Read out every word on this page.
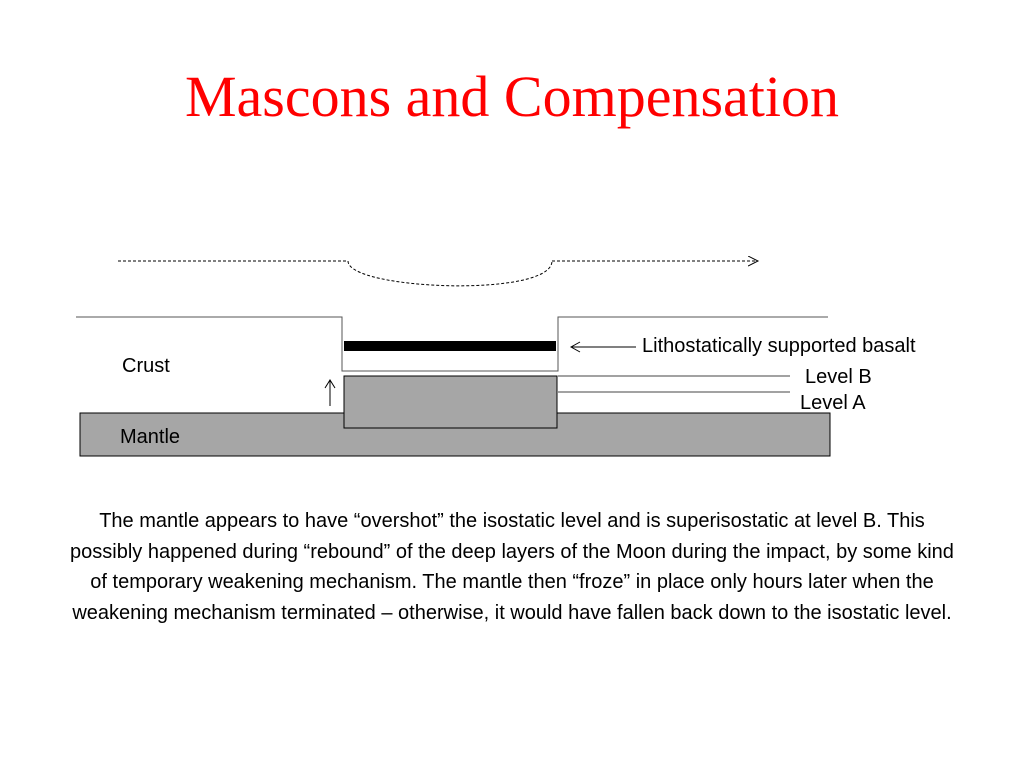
Mascons and Compensation
Crust
Mantle
Lithostatically supported basalt
Level B
Level A

The mantle appears to have “overshot” the isostatic level and is superisostatic at level B. This possibly happened during “rebound” of the deep layers of the Moon during the impact, by some kind of temporary weakening mechanism. The mantle then “froze” in place only hours later when the weakening mechanism terminated – otherwise, it would have fallen back down to the isostatic level.
